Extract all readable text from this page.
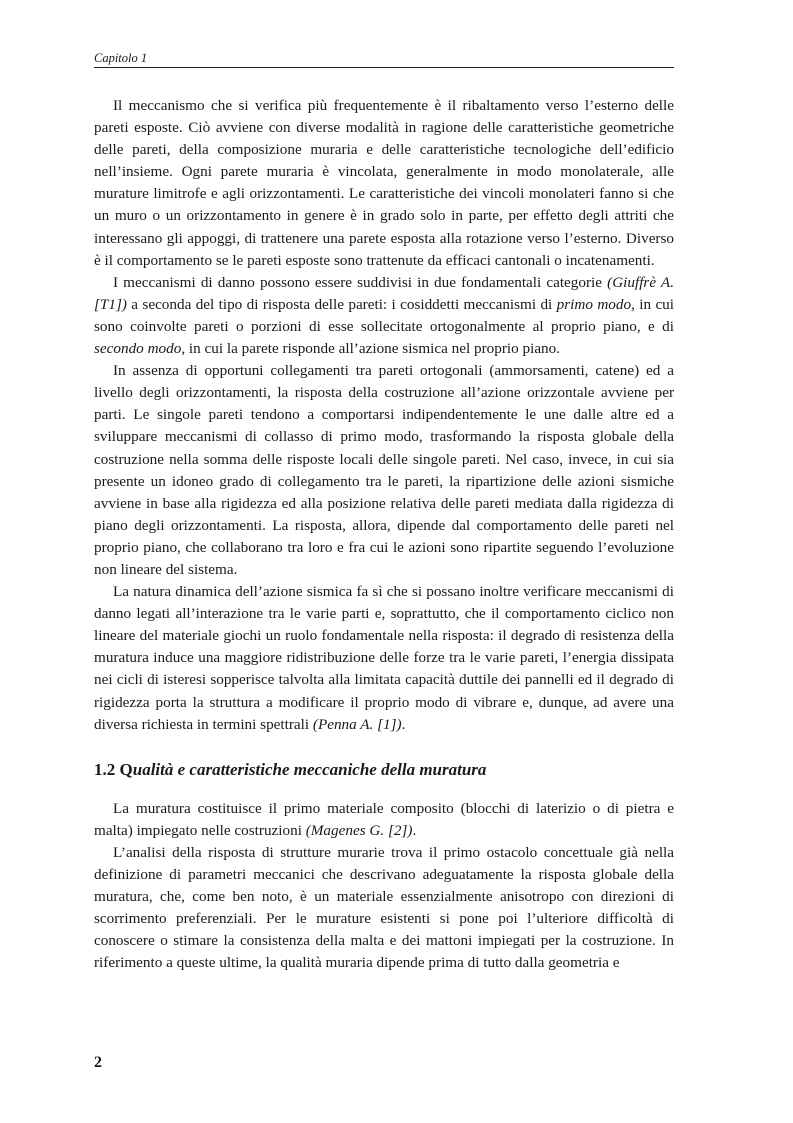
Capitolo 1

Il meccanismo che si verifica più frequentemente è il ribaltamento verso l’esterno delle pareti esposte. Ciò avviene con diverse modalità in ragione delle caratteristiche geometriche delle pareti, della composizione muraria e delle caratteristiche tecnologiche dell’edificio nell’insieme. Ogni parete muraria è vincolata, generalmente in modo monolaterale, alle murature limitrofe e agli orizzontamenti. Le caratteristiche dei vincoli monolateri fanno si che un muro o un orizzontamento in genere è in grado solo in parte, per effetto degli attriti che interessano gli appoggi, di trattenere una parete esposta alla rotazione verso l’esterno. Diverso è il comportamento se le pareti esposte sono trattenute da efficaci cantonali o incatenamenti.

I meccanismi di danno possono essere suddivisi in due fondamentali categorie (Giuffrè A. [T1]) a seconda del tipo di risposta delle pareti: i cosiddetti meccanismi di primo modo, in cui sono coinvolte pareti o porzioni di esse sollecitate ortogonalmente al proprio piano, e di secondo modo, in cui la parete risponde all’azione sismica nel proprio piano.

In assenza di opportuni collegamenti tra pareti ortogonali (ammorsamenti, catene) ed a livello degli orizzontamenti, la risposta della costruzione all’azione orizzontale avviene per parti. Le singole pareti tendono a comportarsi indipendentemente le une dalle altre ed a sviluppare meccanismi di collasso di primo modo, trasformando la risposta globale della costruzione nella somma delle risposte locali delle singole pareti. Nel caso, invece, in cui sia presente un idoneo grado di collegamento tra le pareti, la ripartizione delle azioni sismiche avviene in base alla rigidezza ed alla posizione relativa delle pareti mediata dalla rigidezza di piano degli orizzontamenti. La risposta, allora, dipende dal comportamento delle pareti nel proprio piano, che collaborano tra loro e fra cui le azioni sono ripartite seguendo l’evoluzione non lineare del sistema.

La natura dinamica dell’azione sismica fa sì che si possano inoltre verificare meccanismi di danno legati all’interazione tra le varie parti e, soprattutto, che il comportamento ciclico non lineare del materiale giochi un ruolo fondamentale nella risposta: il degrado di resistenza della muratura induce una maggiore ridistribuzione delle forze tra le varie pareti, l’energia dissipata nei cicli di isteresi sopperisce talvolta alla limitata capacità duttile dei pannelli ed il degrado di rigidezza porta la struttura a modificare il proprio modo di vibrare e, dunque, ad avere una diversa richiesta in termini spettrali (Penna A. [1]).

1.2 Qualità e caratteristiche meccaniche della muratura

La muratura costituisce il primo materiale composito (blocchi di laterizio o di pietra e malta) impiegato nelle costruzioni (Magenes G. [2]).

L’analisi della risposta di strutture murarie trova il primo ostacolo concettuale già nella definizione di parametri meccanici che descrivano adeguatamente la risposta globale della muratura, che, come ben noto, è un materiale essenzialmente anisotropo con direzioni di scorrimento preferenziali. Per le murature esistenti si pone poi l’ulteriore difficoltà di conoscere o stimare la consistenza della malta e dei mattoni impiegati per la costruzione. In riferimento a queste ultime, la qualità muraria dipende prima di tutto dalla geometria e

2
